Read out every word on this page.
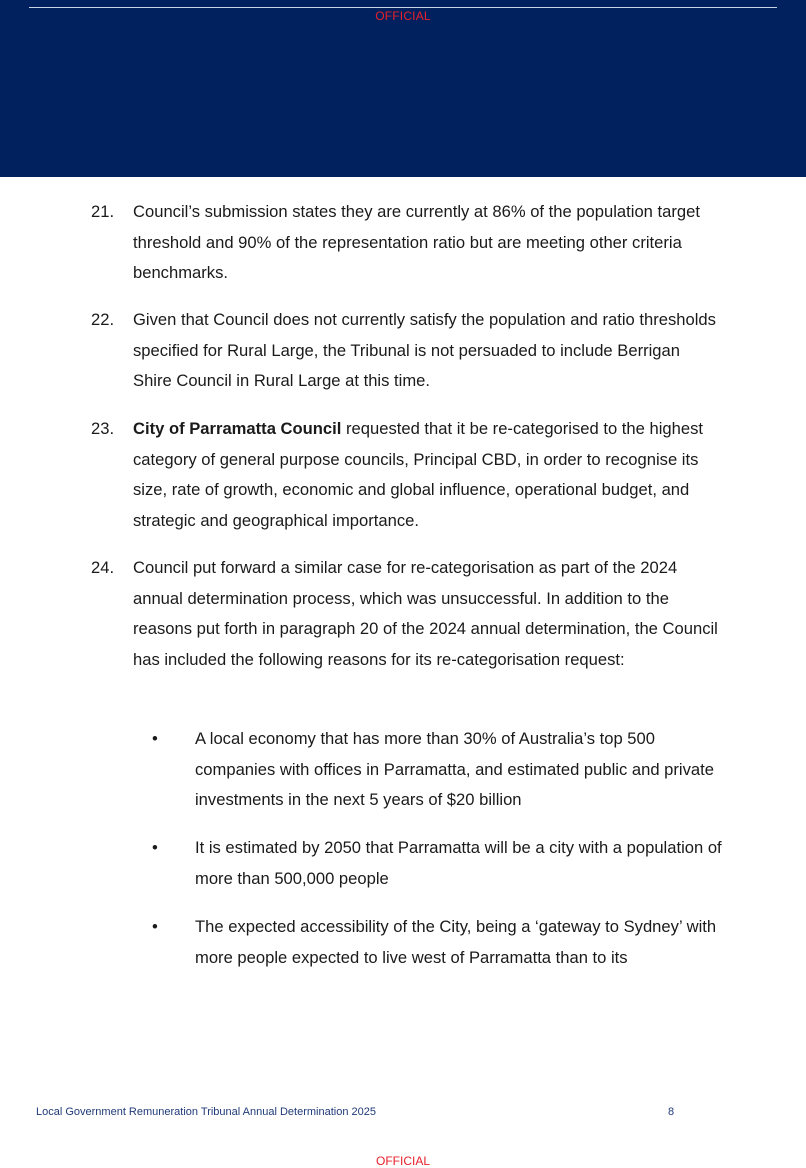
OFFICIAL
21.	Council’s submission states they are currently at 86% of the population target threshold and 90% of the representation ratio but are meeting other criteria benchmarks.
22.	Given that Council does not currently satisfy the population and ratio thresholds specified for Rural Large, the Tribunal is not persuaded to include Berrigan Shire Council in Rural Large at this time.
23.	City of Parramatta Council requested that it be re-categorised to the highest category of general purpose councils, Principal CBD, in order to recognise its size, rate of growth, economic and global influence, operational budget, and strategic and geographical importance.
24.	Council put forward a similar case for re-categorisation as part of the 2024 annual determination process, which was unsuccessful. In addition to the reasons put forth in paragraph 20 of the 2024 annual determination, the Council has included the following reasons for its re-categorisation request:
•	A local economy that has more than 30% of Australia’s top 500 companies with offices in Parramatta, and estimated public and private investments in the next 5 years of $20 billion
•	It is estimated by 2050 that Parramatta will be a city with a population of more than 500,000 people
•	The expected accessibility of the City, being a ‘gateway to Sydney’ with more people expected to live west of Parramatta than to its
Local Government Remuneration Tribunal Annual Determination 2025	8
OFFICIAL
